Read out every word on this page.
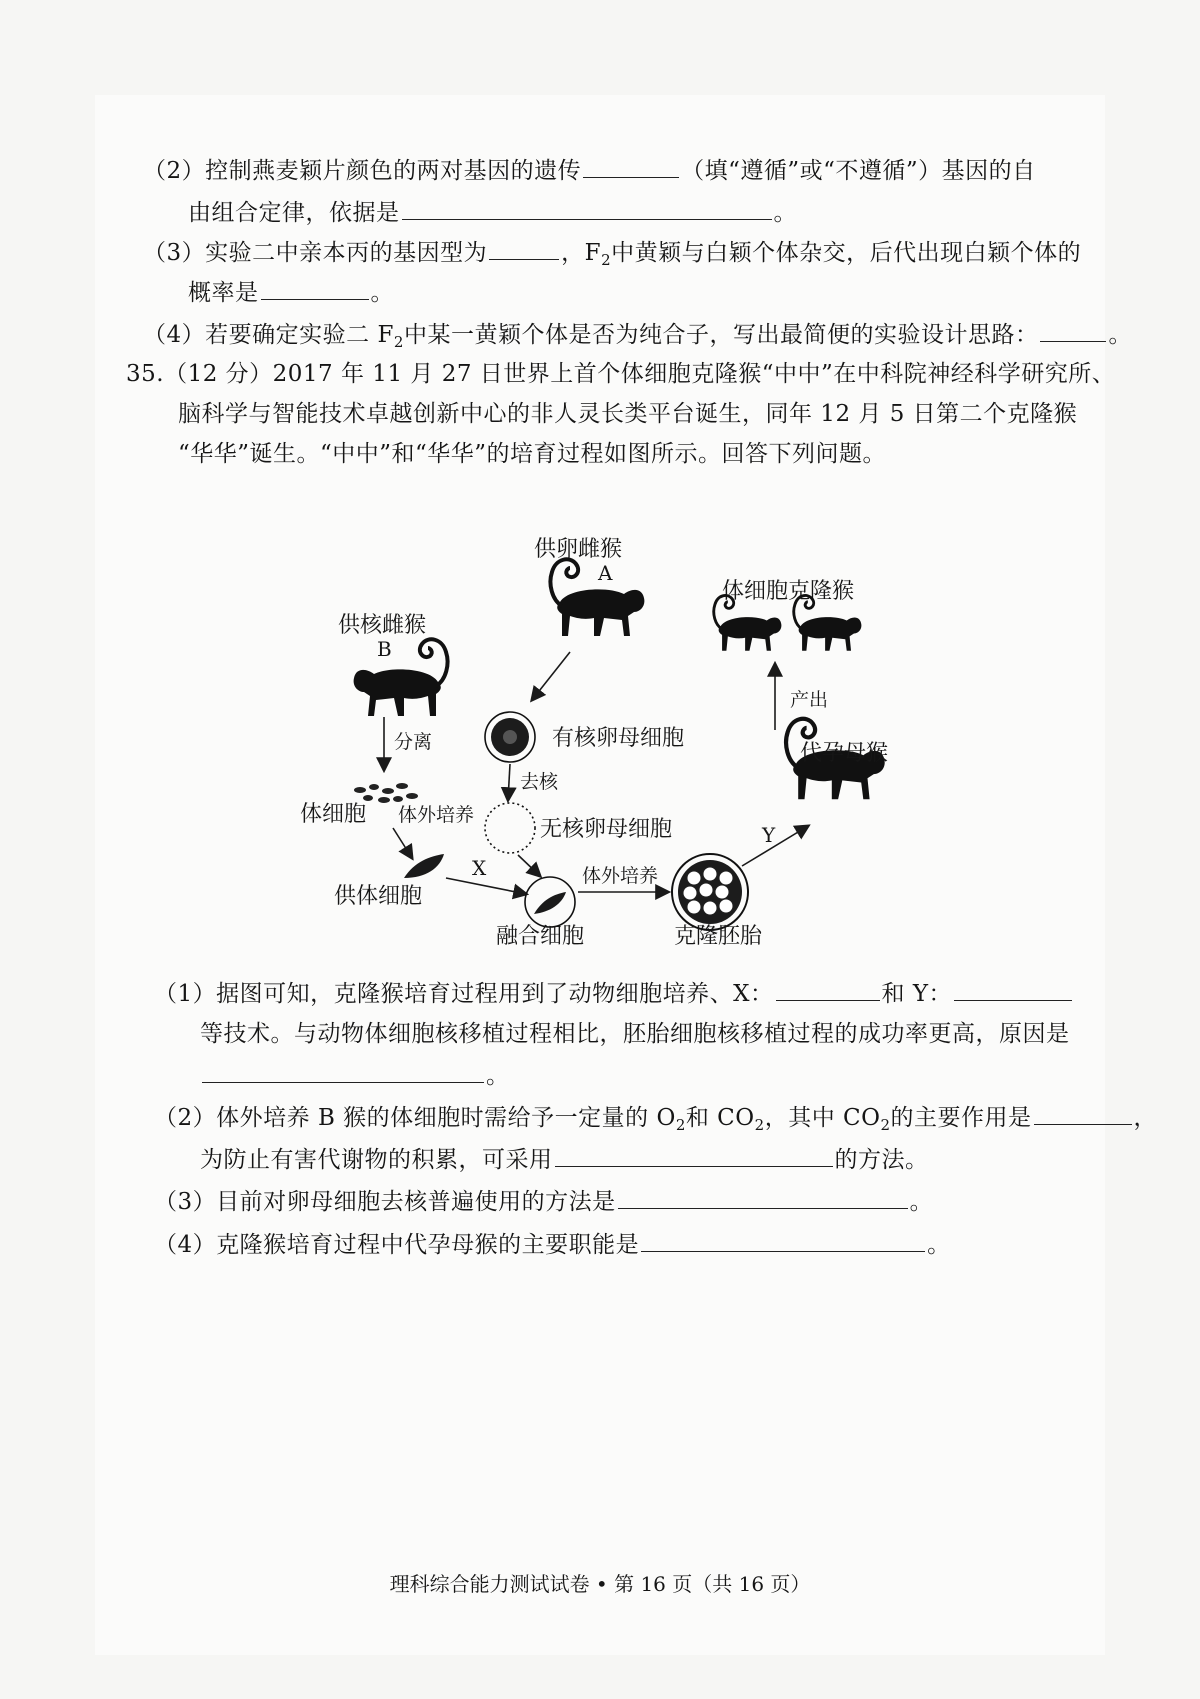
（2）控制燕麦颖片颜色的两对基因的遗传	（填“遵循”或“不遵循”）基因的自
由组合定律，依据是	。
（3）实验二中亲本丙的基因型为	，$F_2$中黄颖与白颖个体杂交，后代出现白颖个体的
概率是	。
（4）若要确定实验二 $F_2$中某一黄颖个体是否为纯合子，写出最简便的实验设计思路：	。
35.（12 分）2017 年 11 月 27 日世界上首个体细胞克隆猴“中中”在中科院神经科学研究所、
脑科学与智能技术卓越创新中心的非人灵长类平台诞生，同年 12 月 5 日第二个克隆猴
“华华”诞生。“中中”和“华华”的培育过程如图所示。回答下列问题。
供卵雌猴
A
供核雌猴
B
体细胞克隆猴
代孕母猴
有核卵母细胞
去核
无核卵母细胞
分离
体细胞 体外培养
供体细胞
X
融合细胞
体外培养
克隆胚胎
Y
产出
（1）据图可知，克隆猴培育过程用到了动物细胞培养、X：	和 Y：
等技术。与动物体细胞核移植过程相比，胚胎细胞核移植过程的成功率更高，原因是
。
（2）体外培养 B 猴的体细胞时需给予一定量的 $O_2$和 $CO_2$，其中 $CO_2$的主要作用是	，
为防止有害代谢物的积累，可采用	的方法。
（3）目前对卵母细胞去核普遍使用的方法是	。
（4）克隆猴培育过程中代孕母猴的主要职能是	。
理科综合能力测试试卷 • 第 16 页（共 16 页）
